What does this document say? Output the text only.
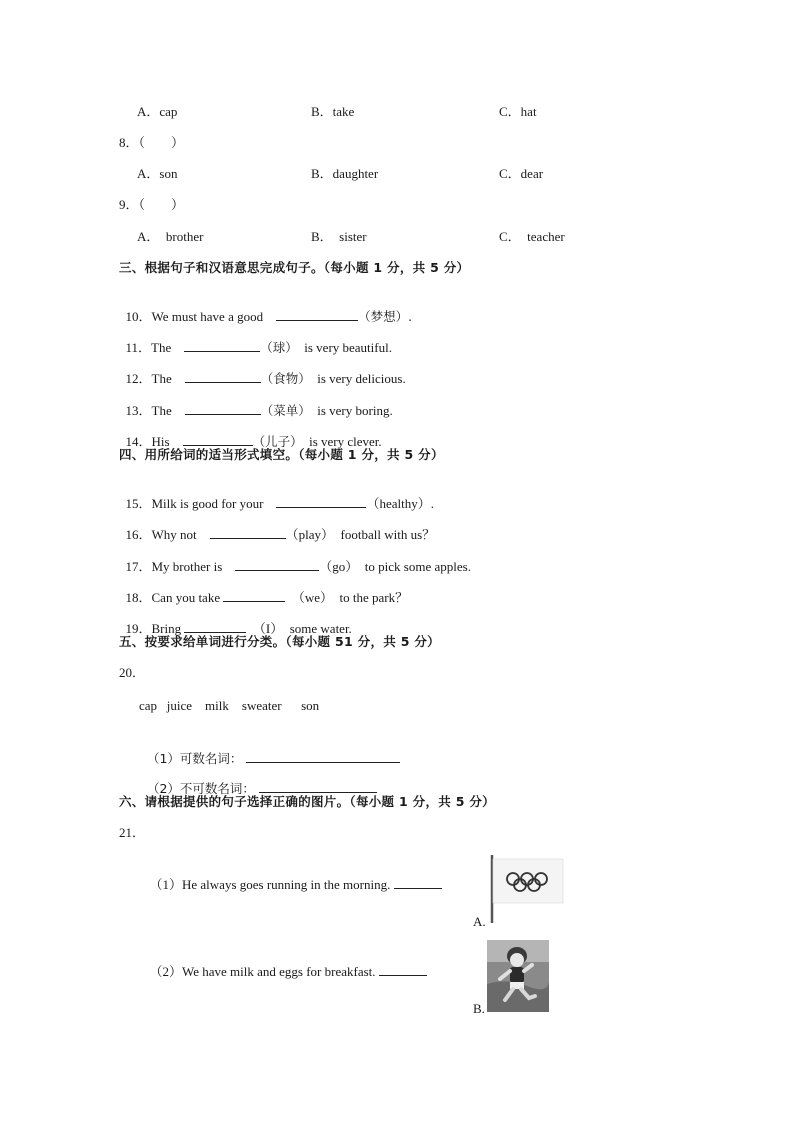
A．cap	B．take	C．hat
8．（　　）
A．son	B．daughter	C．dear
9．（　　）
A．　brother	B．　sister	C．　teacher
三、根据句子和汉语意思完成句子。（每小题 1 分，共 5 分）

10．We must have a good	（梦想）.

11．The	（球） is very beautiful.

12．The	（食物） is very delicious.

13．The	（菜单） is very boring.

14．His	（儿子） is very clever.

四、用所给词的适当形式填空。（每小题 1 分，共 5 分）

15．Milk is good for your	（healthy）.

16．Why not	（play） football with us？

17．My brother is	（go） to pick some apples.

18．Can you take	（we） to the park？

19．Bring	（I） some water.

五、按要求给单词进行分类。（每小题 51 分，共 5 分）
20．
cap   juice    milk    sweater      son

（1）可数名词：

（2）不可数名词：

六、请根据提供的句子选择正确的图片。（每小题 1 分，共 5 分）
21．

（1）He always goes running in the morning.

（2）We have milk and eggs for breakfast.

A.
B.
